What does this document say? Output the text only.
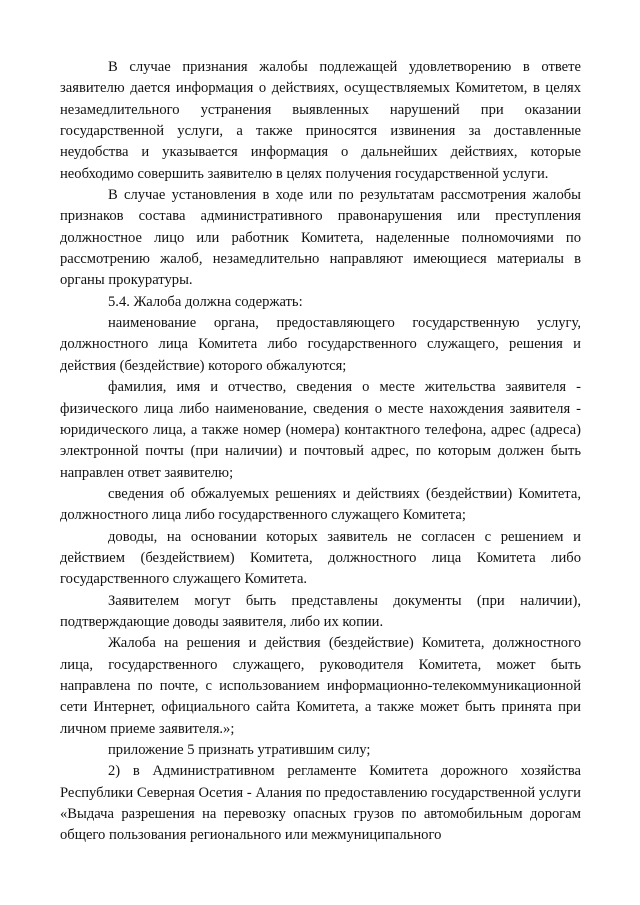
В случае признания жалобы подлежащей удовлетворению в ответе заявителю дается информация о действиях, осуществляемых Комитетом, в целях незамедлительного устранения выявленных нарушений при оказании государственной услуги, а также приносятся извинения за доставленные неудобства и указывается информация о дальнейших действиях, которые необходимо совершить заявителю в целях получения государственной услуги.

В случае установления в ходе или по результатам рассмотрения жалобы признаков состава административного правонарушения или преступления должностное лицо или работник Комитета, наделенные полномочиями по рассмотрению жалоб, незамедлительно направляют имеющиеся материалы в органы прокуратуры.

5.4. Жалоба должна содержать:

наименование органа, предоставляющего государственную услугу, должностного лица Комитета либо государственного служащего, решения и действия (бездействие) которого обжалуются;

фамилия, имя и отчество, сведения о месте жительства заявителя - физического лица либо наименование, сведения о месте нахождения заявителя - юридического лица, а также номер (номера) контактного телефона, адрес (адреса) электронной почты (при наличии) и почтовый адрес, по которым должен быть направлен ответ заявителю;

сведения об обжалуемых решениях и действиях (бездействии) Комитета, должностного лица либо государственного служащего Комитета;

доводы, на основании которых заявитель не согласен с решением и действием (бездействием) Комитета, должностного лица Комитета либо государственного служащего Комитета.

Заявителем могут быть представлены документы (при наличии), подтверждающие доводы заявителя, либо их копии.

Жалоба на решения и действия (бездействие) Комитета, должностного лица, государственного служащего, руководителя Комитета, может быть направлена по почте, с использованием информационно-телекоммуникационной сети Интернет, официального сайта Комитета, а также может быть принята при личном приеме заявителя.»;

приложение 5 признать утратившим силу;

2) в Административном регламенте Комитета дорожного хозяйства Республики Северная Осетия - Алания по предоставлению государственной услуги «Выдача разрешения на перевозку опасных грузов по автомобильным дорогам общего пользования регионального или межмуниципального
